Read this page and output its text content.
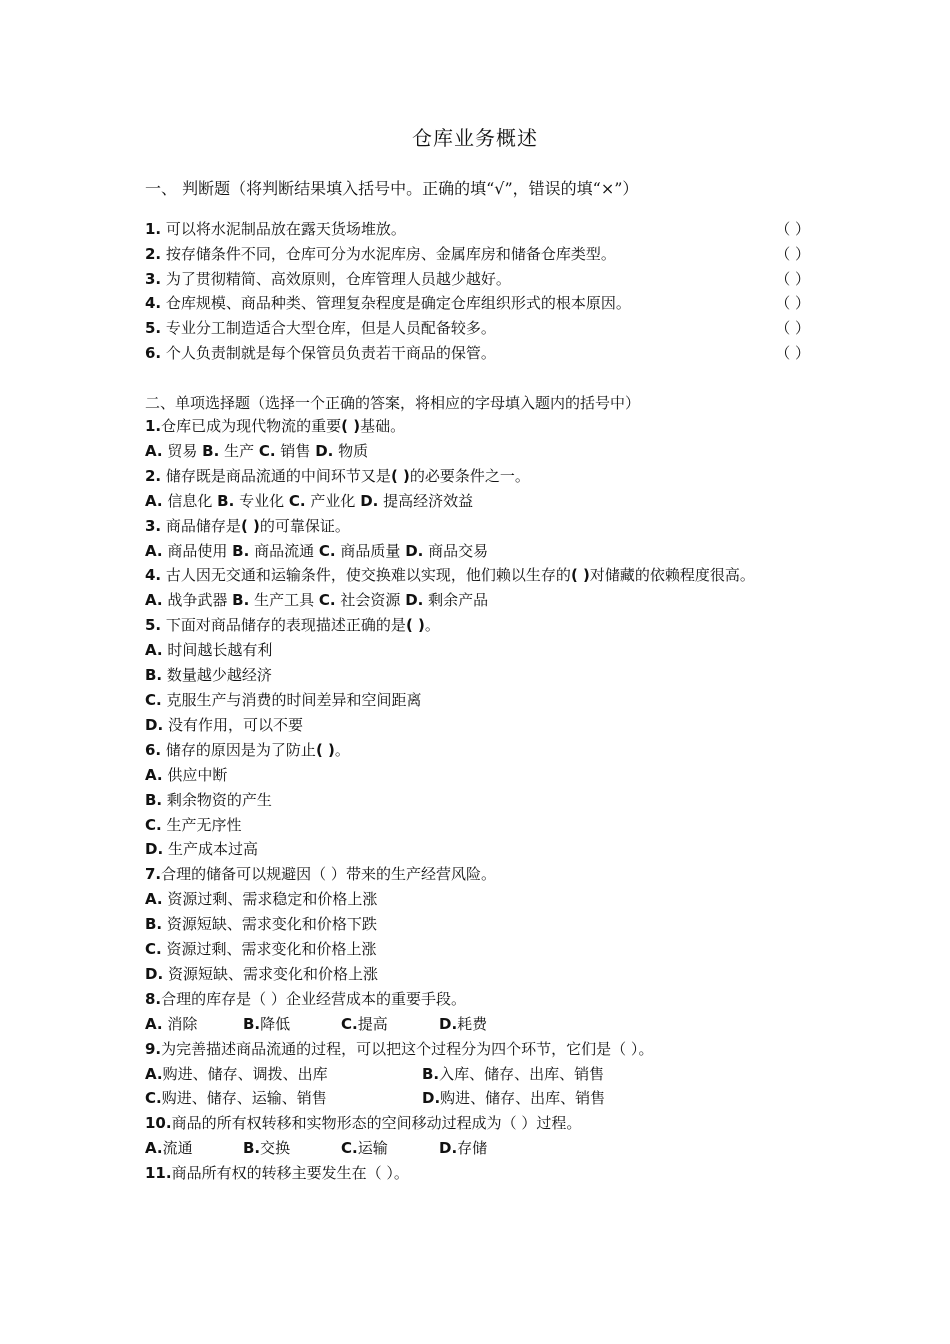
仓库业务概述
一、 判断题（将判断结果填入括号中。正确的填“√”，错误的填“×”）
1. 可以将水泥制品放在露天货场堆放。	（ ）
2. 按存储条件不同，仓库可分为水泥库房、金属库房和储备仓库类型。	（ ）
3. 为了贯彻精简、高效原则，仓库管理人员越少越好。	（ ）
4. 仓库规模、商品种类、管理复杂程度是确定仓库组织形式的根本原因。	（ ）
5. 专业分工制造适合大型仓库，但是人员配备较多。	（ ）
6. 个人负责制就是每个保管员负责若干商品的保管。	（ ）
二、单项选择题（选择一个正确的答案，将相应的字母填入题内的括号中）
1.仓库已成为现代物流的重要( )基础。
A. 贸易 B. 生产 C. 销售 D. 物质
2. 储存既是商品流通的中间环节又是( )的必要条件之一。
A. 信息化 B. 专业化 C. 产业化 D. 提高经济效益
3. 商品储存是( )的可靠保证。
A. 商品使用 B. 商品流通 C. 商品质量 D. 商品交易
4. 古人因无交通和运输条件，使交换难以实现，他们赖以生存的( )对储藏的依赖程度很高。
A. 战争武器 B. 生产工具 C. 社会资源 D. 剩余产品
5. 下面对商品储存的表现描述正确的是( )。
A. 时间越长越有利
B. 数量越少越经济
C. 克服生产与消费的时间差异和空间距离
D. 没有作用，可以不要
6. 储存的原因是为了防止( )。
A. 供应中断
B. 剩余物资的产生
C. 生产无序性
D. 生产成本过高
7.合理的储备可以规避因（ ）带来的生产经营风险。
A. 资源过剩、需求稳定和价格上涨
B. 资源短缺、需求变化和价格下跌
C. 资源过剩、需求变化和价格上涨
D. 资源短缺、需求变化和价格上涨
8.合理的库存是（ ）企业经营成本的重要手段。
A. 消除	B.降低	C.提高	D.耗费
9.为完善描述商品流通的过程，可以把这个过程分为四个环节，它们是（ ）。
A.购进、储存、调拨、出库	B.入库、储存、出库、销售
C.购进、储存、运输、销售	D.购进、储存、出库、销售
10.商品的所有权转移和实物形态的空间移动过程成为（ ）过程。
A.流通	B.交换	C.运输	D.存储
11.商品所有权的转移主要发生在（ ）。
